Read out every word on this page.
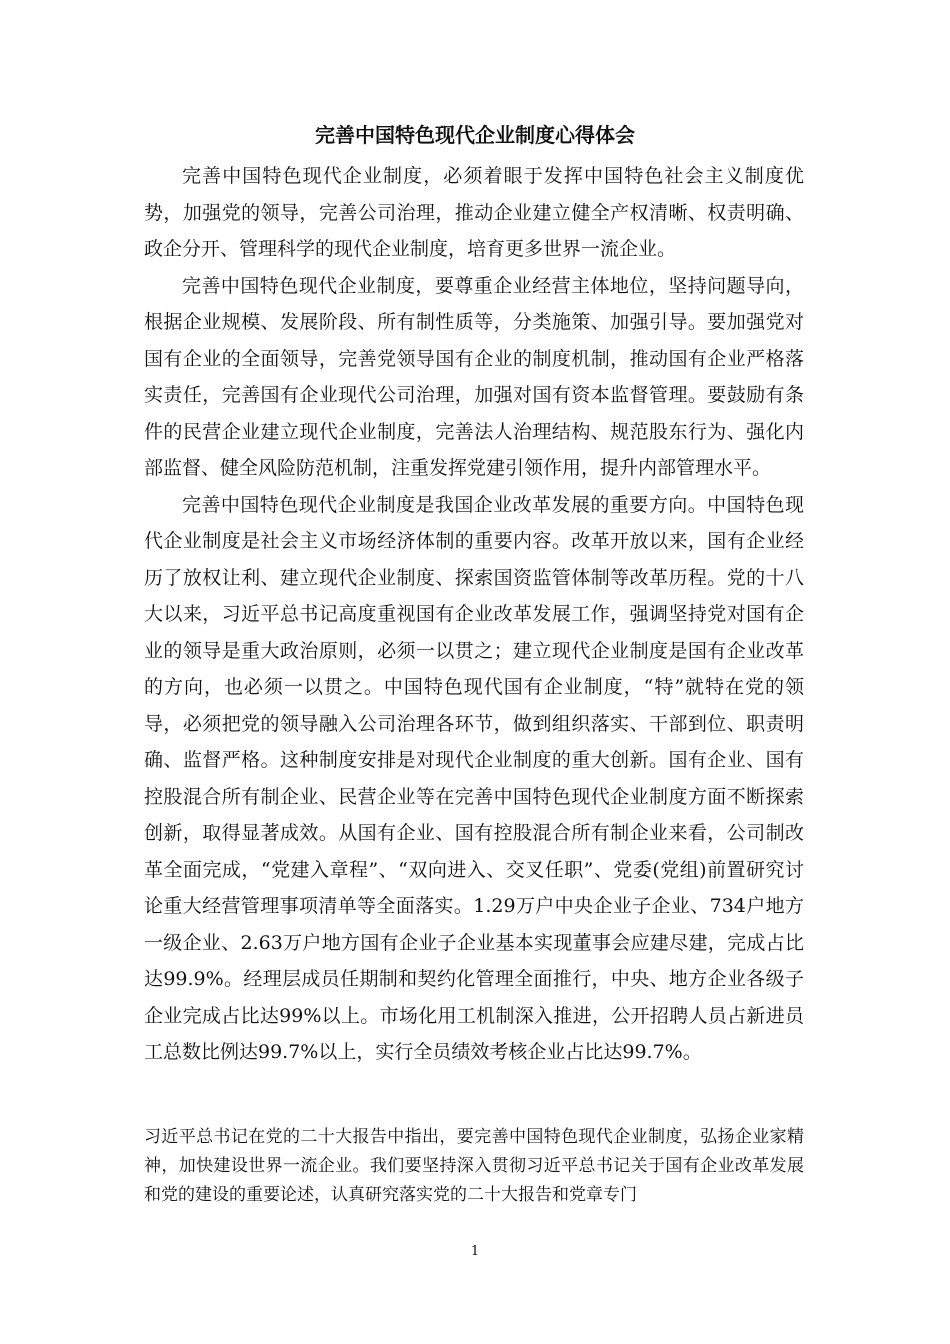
完善中国特色现代企业制度心得体会

完善中国特色现代企业制度，必须着眼于发挥中国特色社会主义制度优势，加强党的领导，完善公司治理，推动企业建立健全产权清晰、权责明确、政企分开、管理科学的现代企业制度，培育更多世界一流企业。

完善中国特色现代企业制度，要尊重企业经营主体地位，坚持问题导向，根据企业规模、发展阶段、所有制性质等，分类施策、加强引导。要加强党对国有企业的全面领导，完善党领导国有企业的制度机制，推动国有企业严格落实责任，完善国有企业现代公司治理，加强对国有资本监督管理。要鼓励有条件的民营企业建立现代企业制度，完善法人治理结构、规范股东行为、强化内部监督、健全风险防范机制，注重发挥党建引领作用，提升内部管理水平。

完善中国特色现代企业制度是我国企业改革发展的重要方向。中国特色现代企业制度是社会主义市场经济体制的重要内容。改革开放以来，国有企业经历了放权让利、建立现代企业制度、探索国资监管体制等改革历程。党的十八大以来，习近平总书记高度重视国有企业改革发展工作，强调坚持党对国有企业的领导是重大政治原则，必须一以贯之；建立现代企业制度是国有企业改革的方向，也必须一以贯之。中国特色现代国有企业制度，“特”就特在党的领导，必须把党的领导融入公司治理各环节，做到组织落实、干部到位、职责明确、监督严格。这种制度安排是对现代企业制度的重大创新。国有企业、国有控股混合所有制企业、民营企业等在完善中国特色现代企业制度方面不断探索创新，取得显著成效。从国有企业、国有控股混合所有制企业来看，公司制改革全面完成，“党建入章程”、“双向进入、交叉任职”、党委(党组)前置研究讨论重大经营管理事项清单等全面落实。1.29万户中央企业子企业、734户地方一级企业、2.63万户地方国有企业子企业基本实现董事会应建尽建，完成占比达99.9%。经理层成员任期制和契约化管理全面推行，中央、地方企业各级子企业完成占比达99%以上。市场化用工机制深入推进，公开招聘人员占新进员工总数比例达99.7%以上，实行全员绩效考核企业占比达99.7%。

习近平总书记在党的二十大报告中指出，要完善中国特色现代企业制度，弘扬企业家精神，加快建设世界一流企业。我们要坚持深入贯彻习近平总书记关于国有企业改革发展和党的建设的重要论述，认真研究落实党的二十大报告和党章专门

1
